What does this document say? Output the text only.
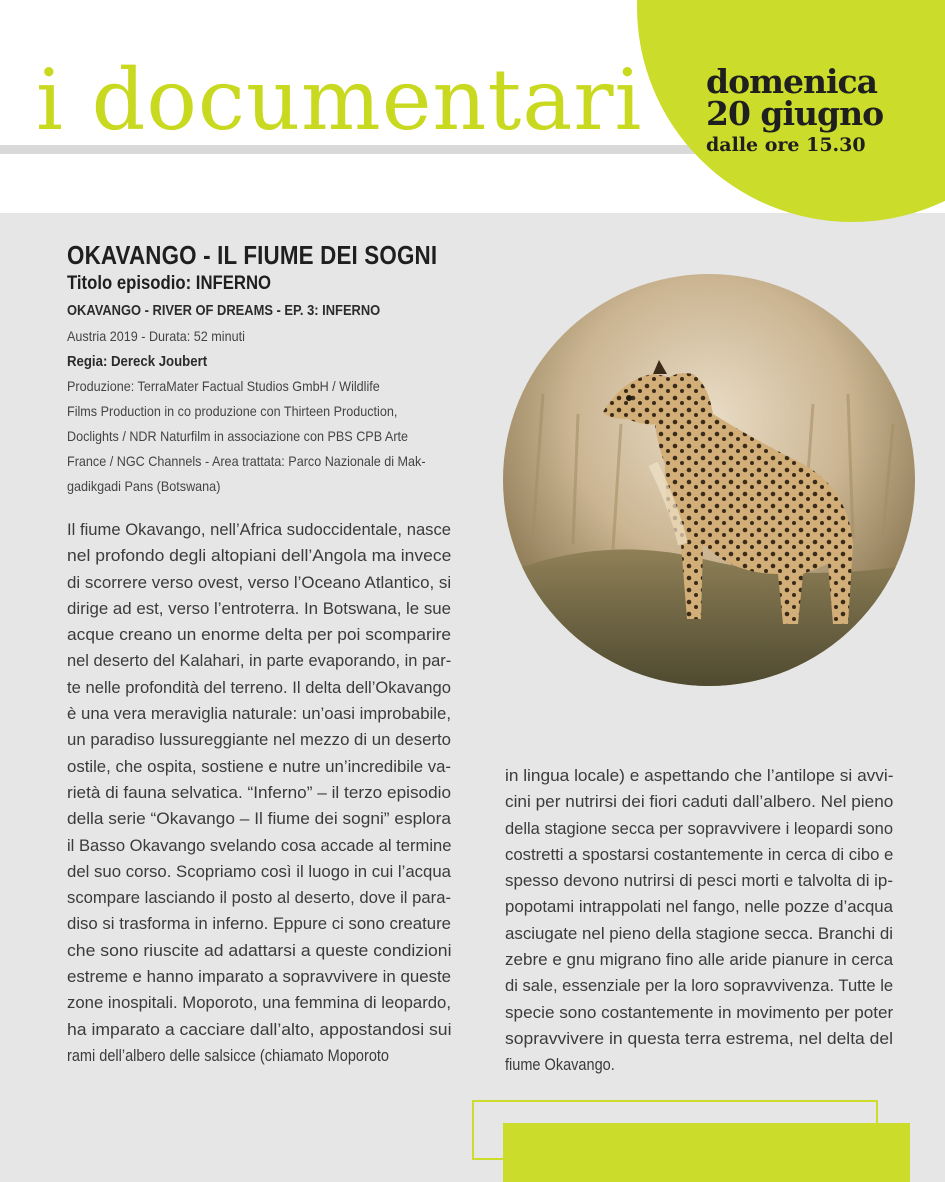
i documentari domenica
20 giugno
dalle ore 15.30
OKAVANGO - IL FIUME DEI SOGNI
Titolo episodio: INFERNO
OKAVANGO - RIVER OF DREAMS - EP. 3: INFERNO
Austria 2019 - Durata: 52 minuti
Regia: Dereck Joubert
Produzione: TerraMater Factual Studios GmbH / Wildlife
Films Production in co produzione con Thirteen Production,
Doclights / NDR Naturfilm in associazione con PBS CPB Arte
France / NGC Channels - Area trattata: Parco Nazionale di Mak-
gadikgadi Pans (Botswana)
Il fiume Okavango, nell’Africa sudoccidentale, nasce
nel profondo degli altopiani dell’Angola ma invece
di scorrere verso ovest, verso l’Oceano Atlantico, si
dirige ad est, verso l’entroterra. In Botswana, le sue
acque creano un enorme delta per poi scomparire
nel deserto del Kalahari, in parte evaporando, in par-
te nelle profondità del terreno. Il delta dell’Okavango
è una vera meraviglia naturale: un’oasi improbabile,
un paradiso lussureggiante nel mezzo di un deserto
ostile, che ospita, sostiene e nutre un’incredibile va-
rietà di fauna selvatica. “Inferno” – il terzo episodio
della serie “Okavango – Il fiume dei sogni” esplora
il Basso Okavango svelando cosa accade al termine
del suo corso. Scopriamo così il luogo in cui l’acqua
scompare lasciando il posto al deserto, dove il para-
diso si trasforma in inferno. Eppure ci sono creature
che sono riuscite ad adattarsi a queste condizioni
estreme e hanno imparato a sopravvivere in queste
zone inospitali. Moporoto, una femmina di leopardo,
ha imparato a cacciare dall’alto, appostandosi sui
rami dell’albero delle salsicce (chiamato Moporoto
in lingua locale) e aspettando che l’antilope si avvi-
cini per nutrirsi dei fiori caduti dall’albero. Nel pieno
della stagione secca per sopravvivere i leopardi sono
costretti a spostarsi costantemente in cerca di cibo e
spesso devono nutrirsi di pesci morti e talvolta di ip-
popotami intrappolati nel fango, nelle pozze d’acqua
asciugate nel pieno della stagione secca. Branchi di
zebre e gnu migrano fino alle aride pianure in cerca
di sale, essenziale per la loro sopravvivenza. Tutte le
specie sono costantemente in movimento per poter
sopravvivere in questa terra estrema, nel delta del
fiume Okavango.
